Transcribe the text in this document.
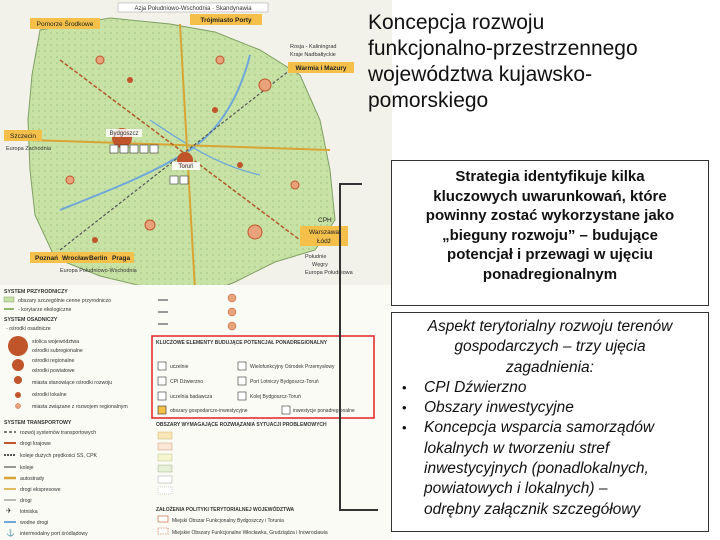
Azja Południowo-Wschodnia · Skandynawia
Bydgoszcz
Toruń
Pomorze Środkowe
Trójmiasto Porty
Rosja - Kaliningrad
Kraje Nadbałtyckie
Warmia i Mazury
Szczecin
Europa Zachodnia
CPH
Warszawa
Łódź
Południe
Węgry
Europa Południowa
Poznań Wrocław Berlin Praga
Europa Południowo-Wschodnia
SYSTEM PRZYRODNICZY
obszary szczególnie cenne przyrodniczo
- korytarze ekologiczne
SYSTEM OSADNICZY
- ośrodki osadnicze
stolica województwa
ośrodki subregionalne
ośrodki regionalne
ośrodki powiatowe
miasta stanowiące ośrodki rozwoju
ośrodki lokalne
miasta związane z rozwojem regionalnym
SYSTEM TRANSPORTOWY
rozwój systemów transportowych
drogi krajowe
koleje dużych prędkości SS, CPK
koleje
autostrady
drogi ekspresowe
drogi
✈ lotniska
wodne drogi
⚓ intermodalny port śródlądowy
KLUCZOWE ELEMENTY BUDUJĄCE POTENCJAŁ PONADREGIONALNY
uczelnie	Wielofunkcyjny Ośrodek Przemysłowy
CPI Dźwierzno	Port Lotniczy Bydgoszcz-Toruń
uczelnia badawcza	Kolej Bydgoszcz-Toruń
obszary gospodarczo-inwestycyjne	inwestycje ponadregionalne
OBSZARY WYMAGAJĄCE ROZWIĄZANIA SYTUACJI PROBLEMOWYCH
ZAŁOŻENIA POLITYKI TERYTORIALNEJ WOJEWÓDZTWA
Miejski Obszar Funkcjonalny Bydgoszczy i Torunia
Miejskie Obszary Funkcjonalne Włocławka, Grudziądza i Inowrocławia
Koncepcja rozwoju
funkcjonalno-przestrzennego
województwa kujawsko-
pomorskiego
Strategia identyfikuje kilka
kluczowych uwarunkowań, które
powinny zostać wykorzystane jako
„bieguny rozwoju” – budujące
potencjał i przewagi w ujęciu
ponadregionalnym
Aspekt terytorialny rozwoju terenów
gospodarczych – trzy ujęcia
zagadnienia:
• CPI Dźwierzno
• Obszary inwestycyjne
• Koncepcja wsparcia samorządów
lokalnych w tworzeniu stref
inwestycyjnych (ponadlokalnych,
powiatowych i lokalnych) –
odrębny załącznik szczegółowy
